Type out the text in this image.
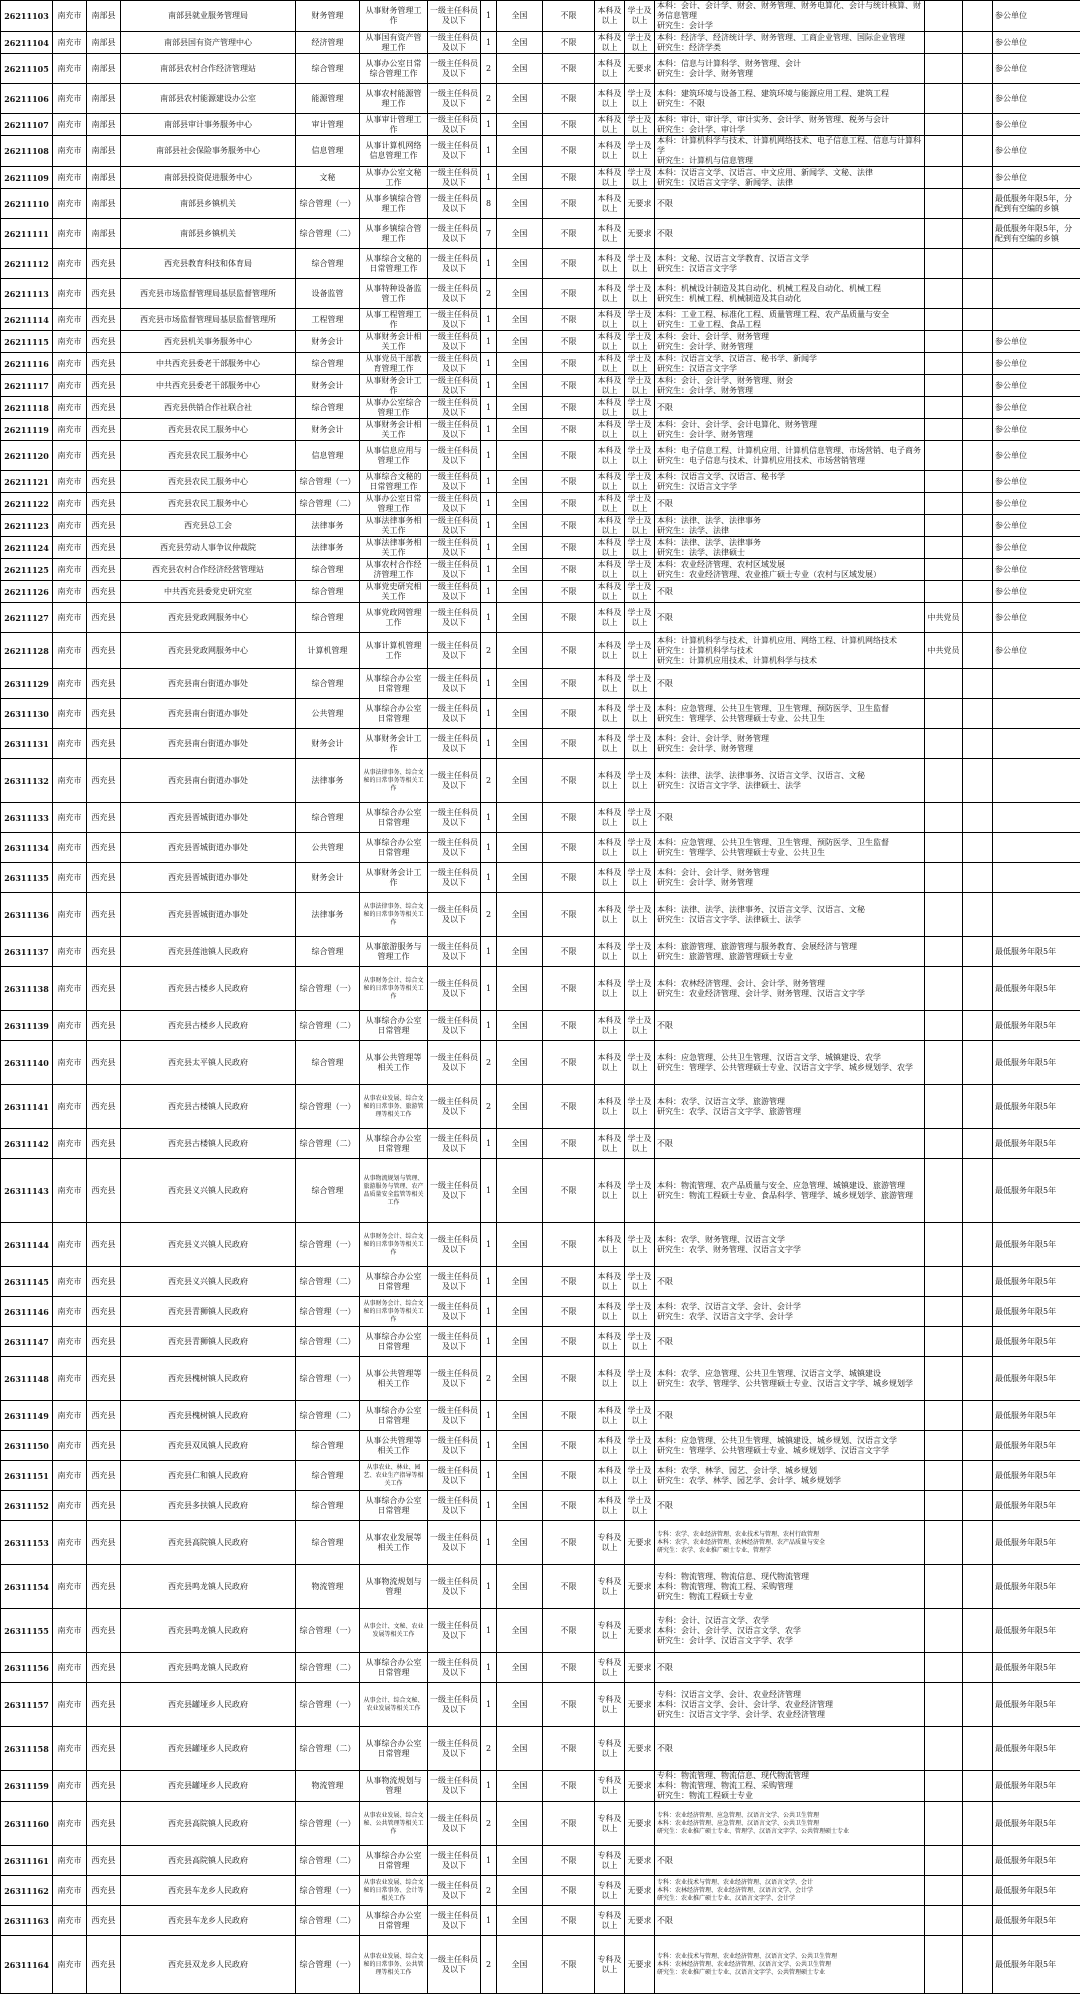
26211103	南充市	南部县	南部县就业服务管理局	财务管理	从事财务管理工作	一级主任科员及以下	1	全国	不限	本科及以上	学士及以上	本科：会计、会计学、财会、财务管理、财务电算化、会计与统计核算、财务信息管理
研究生：会计学			参公单位
26211104	南充市	南部县	南部县国有资产管理中心	经济管理	从事国有资产管理工作	一级主任科员及以下	1	全国	不限	本科及以上	学士及以上	本科：经济学、经济统计学、财务管理、工商企业管理、国际企业管理
研究生：经济学类			参公单位
26211105	南充市	南部县	南部县农村合作经济管理站	综合管理	从事办公室日常综合管理工作	一级主任科员及以下	2	全国	不限	本科及以上	无要求	本科：信息与计算科学、财务管理、会计
研究生：会计学、财务管理			参公单位
26211106	南充市	南部县	南部县农村能源建设办公室	能源管理	从事农村能源管理工作	一级主任科员及以下	2	全国	不限	本科及以上	学士及以上	本科：建筑环境与设备工程、建筑环境与能源应用工程、建筑工程
研究生：不限			参公单位
26211107	南充市	南部县	南部县审计事务服务中心	审计管理	从事审计管理工作	一级主任科员及以下	1	全国	不限	本科及以上	学士及以上	本科：审计、审计学、审计实务、会计学、财务管理、税务与会计
研究生：会计学、审计学			参公单位
26211108	南充市	南部县	南部县社会保险事务服务中心	信息管理	从事计算机网络信息管理工作	一级主任科员及以下	1	全国	不限	本科及以上	学士及以上	本科：计算机科学与技术、计算机网络技术、电子信息工程、信息与计算科学
研究生：计算机与信息管理			参公单位
26211109	南充市	南部县	南部县投资促进服务中心	文秘	从事办公室文秘工作	一级主任科员及以下	1	全国	不限	本科及以上	学士及以上	本科：汉语言文学、汉语言、中文应用、新闻学、文秘、法律
研究生：汉语言文字学、新闻学、法律			参公单位
26211110	南充市	南部县	南部县乡镇机关	综合管理（一）	从事乡镇综合管理工作	一级主任科员及以下	8	全国	不限	本科及以上	无要求	不限			最低服务年限5年，分配到有空编的乡镇
26211111	南充市	南部县	南部县乡镇机关	综合管理（二）	从事乡镇综合管理工作	一级主任科员及以下	7	全国	不限	本科及以上	无要求	不限			最低服务年限5年，分配到有空编的乡镇
26211112	南充市	西充县	西充县教育科技和体育局	综合管理	从事综合文秘的日常管理工作	一级主任科员及以下	1	全国	不限	本科及以上	学士及以上	本科：文秘、汉语言文学教育、汉语言文学
研究生：汉语言文字学			
26211113	南充市	西充县	西充县市场监督管理局基层监督管理所	设备监管	从事特种设备监管工作	一级主任科员及以下	2	全国	不限	本科及以上	学士及以上	本科：机械设计制造及其自动化、机械工程及自动化、机械工程
研究生：机械工程、机械制造及其自动化			
26211114	南充市	西充县	西充县市场监督管理局基层监督管理所	工程管理	从事工程管理工作	一级主任科员及以下	1	全国	不限	本科及以上	学士及以上	本科：工业工程、标准化工程、质量管理工程、农产品质量与安全
研究生：工业工程、食品工程			
26211115	南充市	西充县	西充县机关事务服务中心	财务会计	从事财务会计相关工作	一级主任科员及以下	1	全国	不限	本科及以上	学士及以上	本科：会计、会计学、财务管理
研究生：会计学、财务管理			参公单位
26211116	南充市	西充县	中共西充县委老干部服务中心	综合管理	从事党员干部教育管理工作	一级主任科员及以下	1	全国	不限	本科及以上	学士及以上	本科：汉语言文学、汉语言、秘书学、新闻学
研究生：汉语言文字学			参公单位
26211117	南充市	西充县	中共西充县委老干部服务中心	财务会计	从事财务会计工作	一级主任科员及以下	1	全国	不限	本科及以上	学士及以上	本科：会计、会计学、财务管理、财会
研究生：会计学、财务管理			参公单位
26211118	南充市	西充县	西充县供销合作社联合社	综合管理	从事办公室综合管理工作	一级主任科员及以下	1	全国	不限	本科及以上	学士及以上	不限			参公单位
26211119	南充市	西充县	西充县农民工服务中心	财务会计	从事财务会计相关工作	一级主任科员及以下	1	全国	不限	本科及以上	学士及以上	本科：会计、会计学、会计电算化、财务管理
研究生：会计学、财务管理			参公单位
26211120	南充市	西充县	西充县农民工服务中心	信息管理	从事信息应用与管理工作	一级主任科员及以下	1	全国	不限	本科及以上	学士及以上	本科：电子信息工程、计算机应用、计算机信息管理、市场营销、电子商务
研究生：电子信息与技术、计算机应用技术、市场营销管理			参公单位
26211121	南充市	西充县	西充县农民工服务中心	综合管理（一）	从事综合文秘的日常管理工作	一级主任科员及以下	1	全国	不限	本科及以上	学士及以上	本科：汉语言文学、汉语言、秘书学
研究生：汉语言文字学			参公单位
26211122	南充市	西充县	西充县农民工服务中心	综合管理（二）	从事办公室日常管理工作	一级主任科员及以下	1	全国	不限	本科及以上	学士及以上	不限			参公单位
26211123	南充市	西充县	西充县总工会	法律事务	从事法律事务相关工作	一级主任科员及以下	1	全国	不限	本科及以上	学士及以上	本科：法律、法学、法律事务
研究生：法学、法律			参公单位
26211124	南充市	西充县	西充县劳动人事争议仲裁院	法律事务	从事法律事务相关工作	一级主任科员及以下	1	全国	不限	本科及以上	学士及以上	本科：法律、法学、法律事务
研究生：法学、法律硕士			参公单位
26211125	南充市	西充县	西充县农村合作经济经营管理站	综合管理	从事农村合作经济管理工作	一级主任科员及以下	1	全国	不限	本科及以上	学士及以上	本科：农业经济管理、农村区域发展
研究生：农业经济管理、农业推广硕士专业（农村与区域发展）			参公单位
26211126	南充市	西充县	中共西充县委党史研究室	综合管理	从事党史研究相关工作	一级主任科员及以下	1	全国	不限	本科及以上	学士及以上	不限			参公单位
26211127	南充市	西充县	西充县党政网服务中心	综合管理	从事党政网管理工作	一级主任科员及以下	1	全国	不限	本科及以上	学士及以上	不限	中共党员		参公单位
26211128	南充市	西充县	西充县党政网服务中心	计算机管理	从事计算机管理工作	一级主任科员及以下	2	全国	不限	本科及以上	学士及以上	本科：计算机科学与技术、计算机应用、网络工程、计算机网络技术
研究生：计算机科学与技术
研究生：计算机应用技术、计算机科学与技术	中共党员		参公单位
26311129	南充市	西充县	西充县南台街道办事处	综合管理	从事综合办公室日常管理	一级主任科员及以下	1	全国	不限	本科及以上	学士及以上	不限			
26311130	南充市	西充县	西充县南台街道办事处	公共管理	从事综合办公室日常管理	一级主任科员及以下	1	全国	不限	本科及以上	学士及以上	本科：应急管理、公共卫生管理、卫生管理、预防医学、卫生监督
研究生：管理学、公共管理硕士专业、公共卫生			
26311131	南充市	西充县	西充县南台街道办事处	财务会计	从事财务会计工作	一级主任科员及以下	1	全国	不限	本科及以上	学士及以上	本科：会计、会计学、财务管理
研究生：会计学、财务管理			
26311132	南充市	西充县	西充县南台街道办事处	法律事务	从事法律事务、综合文秘的日常事务等相关工作	一级主任科员及以下	2	全国	不限	本科及以上	学士及以上	本科：法律、法学、法律事务、汉语言文学、汉语言、文秘
研究生：汉语言文字学、法律硕士、法学			
26311133	南充市	西充县	西充县晋城街道办事处	综合管理	从事综合办公室日常管理	一级主任科员及以下	1	全国	不限	本科及以上	学士及以上	不限			
26311134	南充市	西充县	西充县晋城街道办事处	公共管理	从事综合办公室日常管理	一级主任科员及以下	1	全国	不限	本科及以上	学士及以上	本科：应急管理、公共卫生管理、卫生管理、预防医学、卫生监督
研究生：管理学、公共管理硕士专业、公共卫生			
26311135	南充市	西充县	西充县晋城街道办事处	财务会计	从事财务会计工作	一级主任科员及以下	1	全国	不限	本科及以上	学士及以上	本科：会计、会计学、财务管理
研究生：会计学、财务管理			
26311136	南充市	西充县	西充县晋城街道办事处	法律事务	从事法律事务、综合文秘的日常事务等相关工作	一级主任科员及以下	2	全国	不限	本科及以上	学士及以上	本科：法律、法学、法律事务、汉语言文学、汉语言、文秘
研究生：汉语言文字学、法律硕士、法学			
26311137	南充市	西充县	西充县莲池镇人民政府	综合管理	从事旅游服务与管理工作	一级主任科员及以下	1	全国	不限	本科及以上	学士及以上	本科：旅游管理、旅游管理与服务教育、会展经济与管理
研究生：旅游管理、旅游管理硕士专业			最低服务年限5年
26311138	南充市	西充县	西充县古楼乡人民政府	综合管理（一）	从事财务会计、综合文秘的日常事务等相关工作	一级主任科员及以下	1	全国	不限	本科及以上	学士及以上	本科：农林经济管理、会计、会计学、财务管理
研究生：农业经济管理、会计学、财务管理、汉语言文字学			最低服务年限5年
26311139	南充市	西充县	西充县古楼乡人民政府	综合管理（二）	从事综合办公室日常管理	一级主任科员及以下	1	全国	不限	本科及以上	学士及以上	不限			最低服务年限5年
26311140	南充市	西充县	西充县太平镇人民政府	综合管理	从事公共管理等相关工作	一级主任科员及以下	2	全国	不限	本科及以上	学士及以上	本科：应急管理、公共卫生管理、汉语言文学、城镇建设、农学
研究生：管理学、公共管理硕士专业、汉语言文字学、城乡规划学、农学			最低服务年限5年
26311141	南充市	西充县	西充县古楼镇人民政府	综合管理（一）	从事农业发展、综合文秘的日常事务、旅游管理等相关工作	一级主任科员及以下	2	全国	不限	本科及以上	学士及以上	本科：农学、汉语言文学、旅游管理
研究生：农学、汉语言文字学、旅游管理			最低服务年限5年
26311142	南充市	西充县	西充县古楼镇人民政府	综合管理（二）	从事综合办公室日常管理	一级主任科员及以下	1	全国	不限	本科及以上	学士及以上	不限			最低服务年限5年
26311143	南充市	西充县	西充县义兴镇人民政府	综合管理	从事物流规划与管理、旅游服务与管理、农产品质量安全监管等相关工作	一级主任科员及以下	1	全国	不限	本科及以上	学士及以上	本科：物流管理、农产品质量与安全、应急管理、城镇建设、旅游管理
研究生：物流工程硕士专业、食品科学、管理学、城乡规划学、旅游管理			最低服务年限5年
26311144	南充市	西充县	西充县义兴镇人民政府	综合管理（一）	从事财务会计、综合文秘的日常事务等相关工作	一级主任科员及以下	1	全国	不限	本科及以上	学士及以上	本科：农学、财务管理、汉语言文学
研究生：农学、财务管理、汉语言文字学			最低服务年限5年
26311145	南充市	西充县	西充县义兴镇人民政府	综合管理（二）	从事综合办公室日常管理	一级主任科员及以下	1	全国	不限	本科及以上	学士及以上	不限			最低服务年限5年
26311146	南充市	西充县	西充县青狮镇人民政府	综合管理（一）	从事财务会计、综合文秘的日常事务等相关工作	一级主任科员及以下	1	全国	不限	本科及以上	学士及以上	本科：农学、汉语言文学、会计、会计学
研究生：农学、汉语言文字学、会计学			最低服务年限5年
26311147	南充市	西充县	西充县青狮镇人民政府	综合管理（二）	从事综合办公室日常管理	一级主任科员及以下	1	全国	不限	本科及以上	学士及以上	不限			最低服务年限5年
26311148	南充市	西充县	西充县槐树镇人民政府	综合管理（一）	从事公共管理等相关工作	一级主任科员及以下	2	全国	不限	本科及以上	学士及以上	本科：农学、应急管理、公共卫生管理、汉语言文学、城镇建设
研究生：农学、管理学、公共管理硕士专业、汉语言文字学、城乡规划学			最低服务年限5年
26311149	南充市	西充县	西充县槐树镇人民政府	综合管理（二）	从事综合办公室日常管理	一级主任科员及以下	1	全国	不限	本科及以上	学士及以上	不限			最低服务年限5年
26311150	南充市	西充县	西充县双凤镇人民政府	综合管理	从事公共管理等相关工作	一级主任科员及以下	1	全国	不限	本科及以上	学士及以上	本科：应急管理、公共卫生管理、城镇建设、城乡规划、汉语言文学
研究生：管理学、公共管理硕士专业、城乡规划学、汉语言文字学			最低服务年限5年
26311151	南充市	西充县	西充县仁和镇人民政府	综合管理	从事农业、林业、园艺、农业生产指导等相关工作	一级主任科员及以下	1	全国	不限	本科及以上	学士及以上	本科：农学、林学、园艺、会计学、城乡规划
研究生：农学、林学、园艺学、会计学、城乡规划学			最低服务年限5年
26311152	南充市	西充县	西充县多扶镇人民政府	综合管理	从事综合办公室日常管理	一级主任科员及以下	1	全国	不限	本科及以上	学士及以上	不限			最低服务年限5年
26311153	南充市	西充县	西充县高院镇人民政府	综合管理	从事农业发展等相关工作	一级主任科员及以下	1	全国	不限	专科及以上	无要求	专科：农学、农业经济管理、农业技术与管理、农村行政管理
本科：农学、农业经济管理、农林经济管理、农产品质量与安全
研究生：农学、农业推广硕士专业、管理学			最低服务年限5年
26311154	南充市	西充县	西充县鸣龙镇人民政府	物流管理	从事物流规划与管理	一级主任科员及以下	1	全国	不限	专科及以上	无要求	专科：物流管理、物流信息、现代物流管理
本科：物流管理、物流工程、采购管理
研究生：物流工程硕士专业			最低服务年限5年
26311155	南充市	西充县	西充县鸣龙镇人民政府	综合管理（一）	从事会计、文秘、农业发展等相关工作	一级主任科员及以下	1	全国	不限	专科及以上	无要求	专科：会计、汉语言文学、农学
本科：会计、会计学、汉语言文学、农学
研究生：会计学、汉语言文字学、农学			最低服务年限5年
26311156	南充市	西充县	西充县鸣龙镇人民政府	综合管理（二）	从事综合办公室日常管理	一级主任科员及以下	1	全国	不限	专科及以上	无要求	不限			最低服务年限5年
26311157	南充市	西充县	西充县罐垭乡人民政府	综合管理（一）	从事会计、综合文秘、农业发展等相关工作	一级主任科员及以下	1	全国	不限	专科及以上	无要求	专科：汉语言文学、会计、农业经济管理
本科：汉语言文学、会计、会计学、农业经济管理
研究生：汉语言文字学、会计学、农业经济管理			最低服务年限5年
26311158	南充市	西充县	西充县罐垭乡人民政府	综合管理（二）	从事综合办公室日常管理	一级主任科员及以下	2	全国	不限	专科及以上	无要求	不限			最低服务年限5年
26311159	南充市	西充县	西充县罐垭乡人民政府	物流管理	从事物流规划与管理	一级主任科员及以下	1	全国	不限	专科及以上	无要求	专科：物流管理、物流信息、现代物流管理
本科：物流管理、物流工程、采购管理
研究生：物流工程硕士专业			最低服务年限5年
26311160	南充市	西充县	西充县高院镇人民政府	综合管理（一）	从事农业发展、综合文秘、公共管理等相关工作	一级主任科员及以下	2	全国	不限	专科及以上	无要求	专科：农业经济管理、应急管理、汉语言文学、公共卫生管理
本科：农业经济管理、应急管理、汉语言文学、公共卫生管理
研究生：农业推广硕士专业、管理学、汉语言文字学、公共管理硕士专业			最低服务年限5年
26311161	南充市	西充县	西充县高院镇人民政府	综合管理（二）	从事综合办公室日常管理	一级主任科员及以下	1	全国	不限	专科及以上	无要求	不限			最低服务年限5年
26311162	南充市	西充县	西充县车龙乡人民政府	综合管理（一）	从事农业发展、综合文秘的日常事务、会计等相关工作	一级主任科员及以下	2	全国	不限	专科及以上	无要求	专科：农业技术与管理、农业经济管理、汉语言文学、会计
本科：农林经济管理、农业经济管理、汉语言文学、会计学
研究生：农业推广硕士专业、汉语言文字学、会计学			最低服务年限5年
26311163	南充市	西充县	西充县车龙乡人民政府	综合管理（二）	从事综合办公室日常管理	一级主任科员及以下	1	全国	不限	专科及以上	无要求	不限			最低服务年限5年
26311164	南充市	西充县	西充县双龙乡人民政府	综合管理（一）	从事农业发展、综合文秘的日常事务、公共管理等相关工作	一级主任科员及以下	2	全国	不限	专科及以上	无要求	专科：农业技术与管理、农业经济管理、汉语言文学、公共卫生管理
本科：农林经济管理、农业经济管理、汉语言文学、公共卫生管理
研究生：农业推广硕士专业、汉语言文字学、公共管理硕士专业			最低服务年限5年
